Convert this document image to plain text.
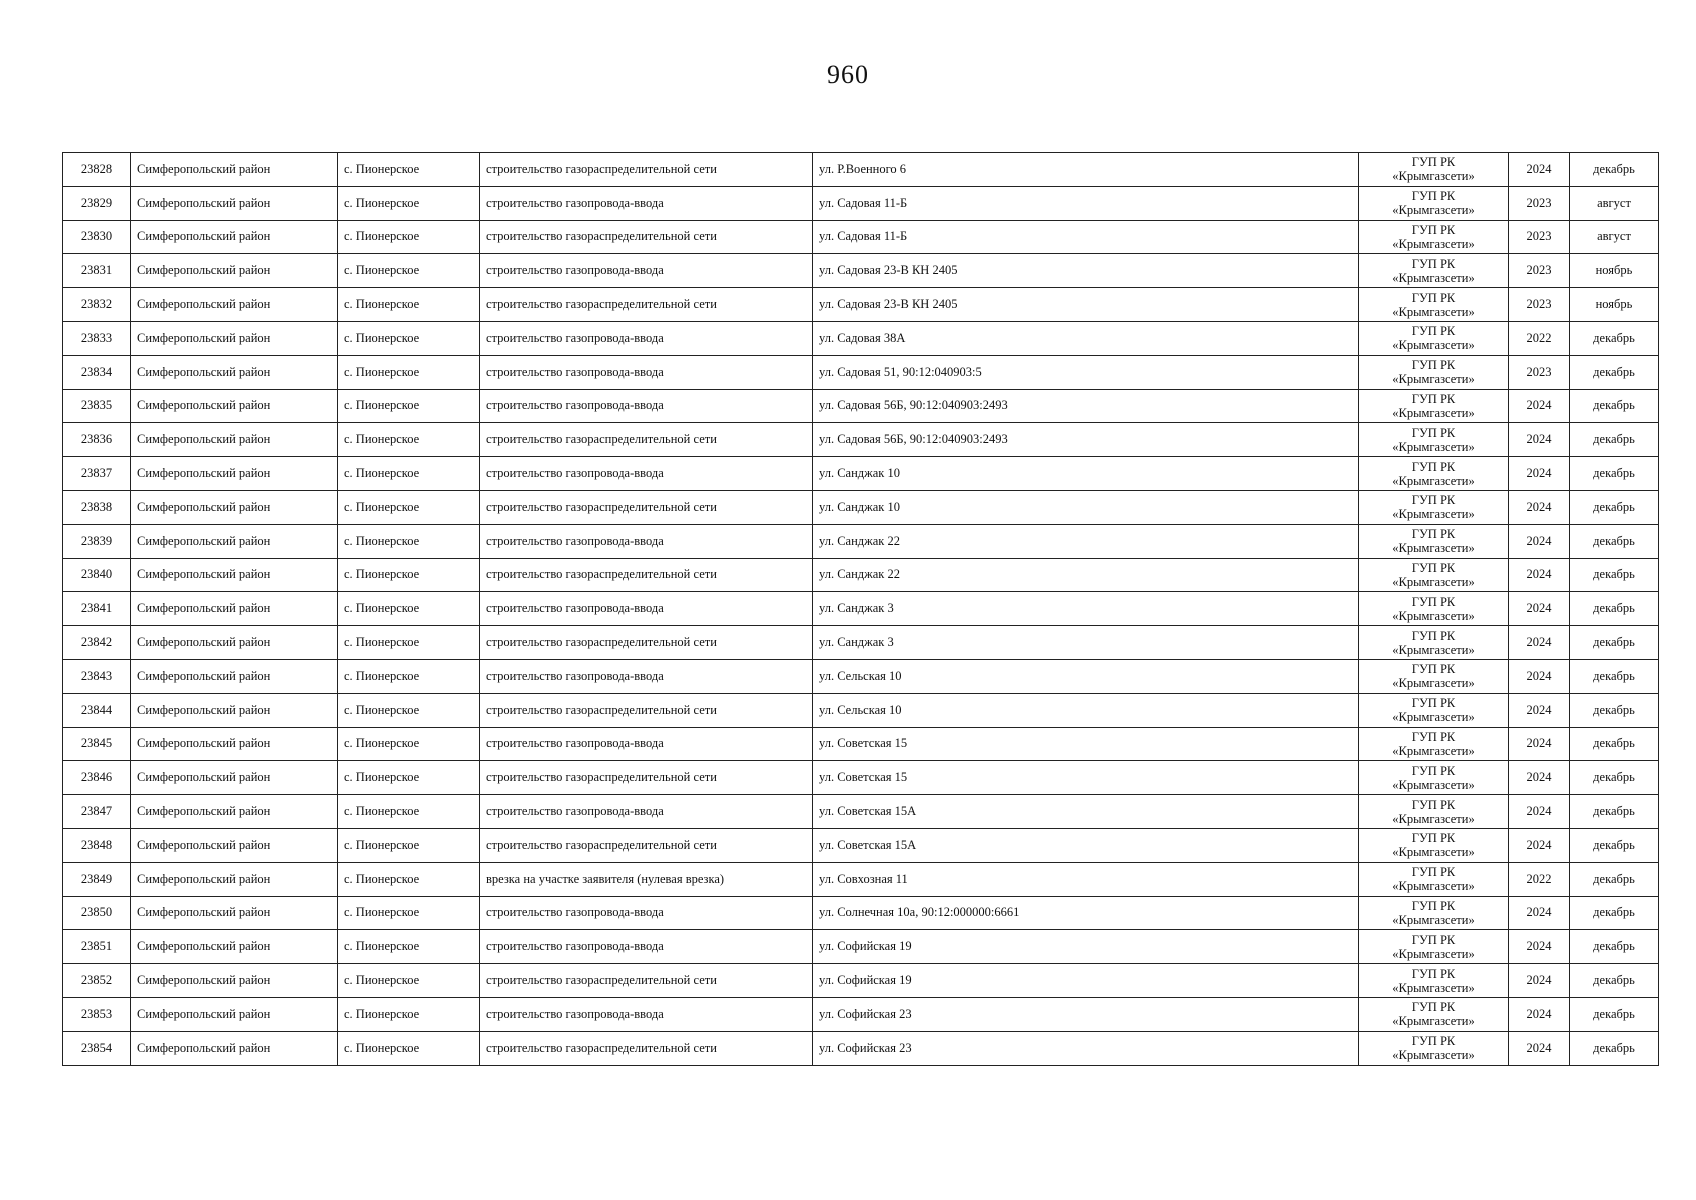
960
23828	Симферопольский район	с. Пионерское	строительство газораспределительной сети	ул. Р.Военного 6	ГУП РК
«Крымгазсети»	2024	декабрь
23829	Симферопольский район	с. Пионерское	строительство газопровода-ввода	ул. Садовая 11-Б	ГУП РК
«Крымгазсети»	2023	август
23830	Симферопольский район	с. Пионерское	строительство газораспределительной сети	ул. Садовая 11-Б	ГУП РК
«Крымгазсети»	2023	август
23831	Симферопольский район	с. Пионерское	строительство газопровода-ввода	ул. Садовая 23-В КН 2405	ГУП РК
«Крымгазсети»	2023	ноябрь
23832	Симферопольский район	с. Пионерское	строительство газораспределительной сети	ул. Садовая 23-В КН 2405	ГУП РК
«Крымгазсети»	2023	ноябрь
23833	Симферопольский район	с. Пионерское	строительство газопровода-ввода	ул. Садовая 38А	ГУП РК
«Крымгазсети»	2022	декабрь
23834	Симферопольский район	с. Пионерское	строительство газопровода-ввода	ул. Садовая 51, 90:12:040903:5	ГУП РК
«Крымгазсети»	2023	декабрь
23835	Симферопольский район	с. Пионерское	строительство газопровода-ввода	ул. Садовая 56Б, 90:12:040903:2493	ГУП РК
«Крымгазсети»	2024	декабрь
23836	Симферопольский район	с. Пионерское	строительство газораспределительной сети	ул. Садовая 56Б, 90:12:040903:2493	ГУП РК
«Крымгазсети»	2024	декабрь
23837	Симферопольский район	с. Пионерское	строительство газопровода-ввода	ул. Санджак 10	ГУП РК
«Крымгазсети»	2024	декабрь
23838	Симферопольский район	с. Пионерское	строительство газораспределительной сети	ул. Санджак 10	ГУП РК
«Крымгазсети»	2024	декабрь
23839	Симферопольский район	с. Пионерское	строительство газопровода-ввода	ул. Санджак 22	ГУП РК
«Крымгазсети»	2024	декабрь
23840	Симферопольский район	с. Пионерское	строительство газораспределительной сети	ул. Санджак 22	ГУП РК
«Крымгазсети»	2024	декабрь
23841	Симферопольский район	с. Пионерское	строительство газопровода-ввода	ул. Санджак 3	ГУП РК
«Крымгазсети»	2024	декабрь
23842	Симферопольский район	с. Пионерское	строительство газораспределительной сети	ул. Санджак 3	ГУП РК
«Крымгазсети»	2024	декабрь
23843	Симферопольский район	с. Пионерское	строительство газопровода-ввода	ул. Сельская 10	ГУП РК
«Крымгазсети»	2024	декабрь
23844	Симферопольский район	с. Пионерское	строительство газораспределительной сети	ул. Сельская 10	ГУП РК
«Крымгазсети»	2024	декабрь
23845	Симферопольский район	с. Пионерское	строительство газопровода-ввода	ул. Советская 15	ГУП РК
«Крымгазсети»	2024	декабрь
23846	Симферопольский район	с. Пионерское	строительство газораспределительной сети	ул. Советская 15	ГУП РК
«Крымгазсети»	2024	декабрь
23847	Симферопольский район	с. Пионерское	строительство газопровода-ввода	ул. Советская 15А	ГУП РК
«Крымгазсети»	2024	декабрь
23848	Симферопольский район	с. Пионерское	строительство газораспределительной сети	ул. Советская 15А	ГУП РК
«Крымгазсети»	2024	декабрь
23849	Симферопольский район	с. Пионерское	врезка на участке заявителя (нулевая врезка)	ул. Совхозная 11	ГУП РК
«Крымгазсети»	2022	декабрь
23850	Симферопольский район	с. Пионерское	строительство газопровода-ввода	ул. Солнечная 10а, 90:12:000000:6661	ГУП РК
«Крымгазсети»	2024	декабрь
23851	Симферопольский район	с. Пионерское	строительство газопровода-ввода	ул. Софийская 19	ГУП РК
«Крымгазсети»	2024	декабрь
23852	Симферопольский район	с. Пионерское	строительство газораспределительной сети	ул. Софийская 19	ГУП РК
«Крымгазсети»	2024	декабрь
23853	Симферопольский район	с. Пионерское	строительство газопровода-ввода	ул. Софийская 23	ГУП РК
«Крымгазсети»	2024	декабрь
23854	Симферопольский район	с. Пионерское	строительство газораспределительной сети	ул. Софийская 23	ГУП РК
«Крымгазсети»	2024	декабрь
